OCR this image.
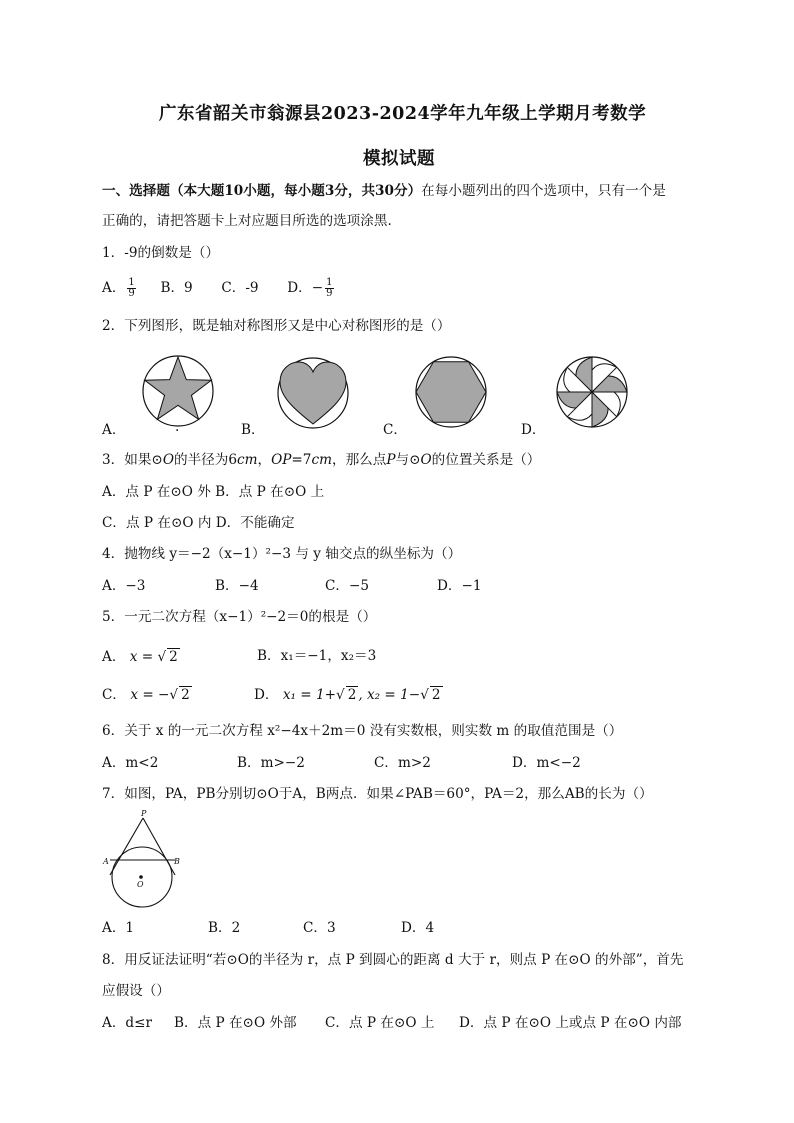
广东省韶关市翁源县2023-2024学年九年级上学期月考数学
模拟试题
一、选择题（本大题10小题，每小题3分，共30分）在每小题列出的四个选项中，只有一个是
正确的，请把答题卡上对应题目所选的选项涂黑.
1．-9的倒数是（）
A． $\frac{1}{9}$ B．9 C．-9 D．− $\frac{1}{9}$
2．下列图形，既是轴对称图形又是中心对称图形的是（）
A．	.	B．	C．	D．
3．如果⊙O的半径为6cm，OP=7cm，那么点P与⊙O的位置关系是（）
A．点 P 在⊙O 外 B．点 P 在⊙O 上
C．点 P 在⊙O 内 D．不能确定
4．抛物线 y＝−2（x−1）²−3 与 y 轴交点的纵坐标为（）
A．−3	B．−4	C．−5	D．−1
5．一元二次方程（x−1）²−2＝0的根是（）
A． x = √ 2	B．x₁＝−1，x₂＝3
C． x = −√ 2	D． x₁ = 1+√ 2 , x₂ = 1−√ 2
6．关于 x 的一元二次方程 x²−4x＋2m＝0 没有实数根，则实数 m 的取值范围是（）
A．m<2	B．m>−2	C．m>2	D．m<−2
7．如图，PA，PB分别切⊙O于A，B两点．如果∠PAB＝60°，PA＝2，那么AB的长为（）
P
A	B
O
A．1	B．2	C．3	D．4
8．用反证法证明“若⊙O的半径为 r，点 P 到圆心的距离 d 大于 r，则点 P 在⊙O 的外部”，首先
应假设（）
A．d≤r B．点 P 在⊙O 外部 C．点 P 在⊙O 上 D．点 P 在⊙O 上或点 P 在⊙O 内部
